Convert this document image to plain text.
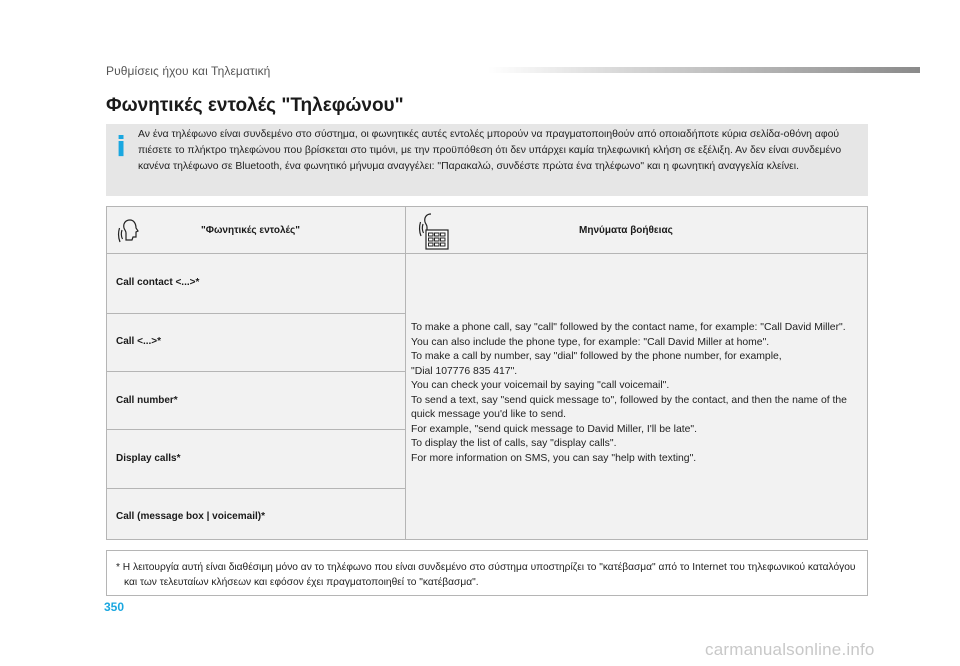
Ρυθμίσεις ήχου και Τηλεματική
Φωνητικές εντολές "Τηλεφώνου"
i Αν ένα τηλέφωνο είναι συνδεμένο στο σύστημα, οι φωνητικές αυτές εντολές μπορούν να πραγματοποιηθούν από οποιαδήποτε κύρια σελίδα-οθόνη αφού πιέσετε το πλήκτρο τηλεφώνου που βρίσκεται στο τιμόνι, με την προϋπόθεση ότι δεν υπάρχει καμία τηλεφωνική κλήση σε εξέλιξη. Αν δεν είναι συνδεμένο κανένα τηλέφωνο σε Bluetooth, ένα φωνητικό μήνυμα αναγγέλει: "Παρακαλώ, συνδέστε πρώτα ένα τηλέφωνο" και η φωνητική αναγγελία κλείνει.
"Φωνητικές εντολές"	Μηνύματα βοήθειας
Call contact <...>*
Call <...>*
Call number*
Display calls*
Call (message box | voicemail)*

To make a phone call, say "call" followed by the contact name, for example: "Call David Miller".

You can also include the phone type, for example: "Call David Miller at home".

To make a call by number, say "dial" followed by the phone number, for example,

"Dial 107776 835 417".

You can check your voicemail by saying "call voicemail".

To send a text, say "send quick message to", followed by the contact, and then the name of the quick message you'd like to send.

For example, "send quick message to David Miller, I'll be late".

To display the list of calls, say "display calls".

For more information on SMS, you can say "help with texting".

* Η λειτουργία αυτή είναι διαθέσιμη μόνο αν το τηλέφωνο που είναι συνδεμένο στο σύστημα υποστηρίζει το "κατέβασμα" από το Internet του τηλεφωνικού καταλόγου και των τελευταίων κλήσεων και εφόσον έχει πραγματοποιηθεί το "κατέβασμα".
350
carmanualsonline.info
